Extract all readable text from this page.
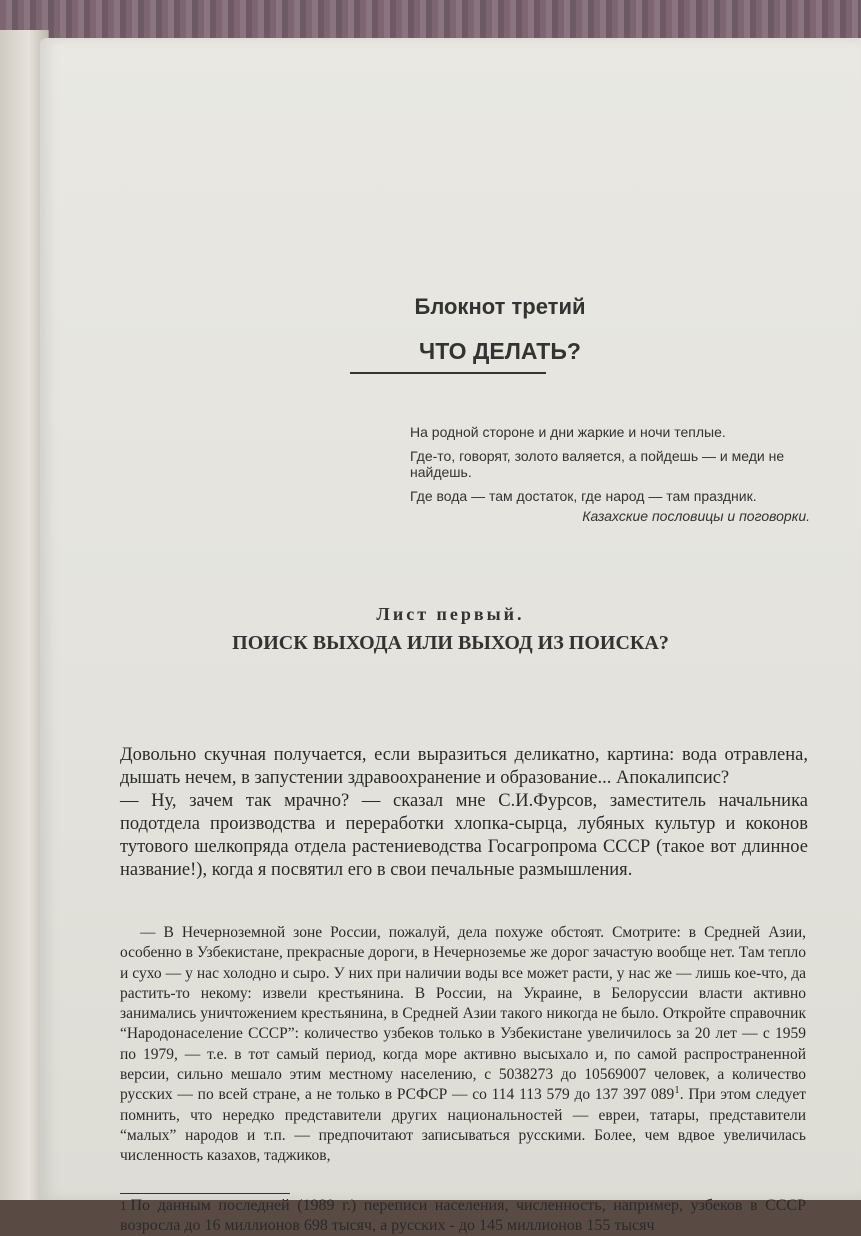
Блокнот третий
ЧТО ДЕЛАТЬ?

На родной стороне и дни жаркие и ночи теплые.

Где-то, говорят, золото валяется, а пойдешь — и меди не найдешь.

Где вода — там достаток, где народ — там праздник.

Казахские пословицы и поговорки.

Лист первый.
ПОИСК ВЫХОДА ИЛИ ВЫХОД ИЗ ПОИСКА?

Довольно скучная получается, если выразиться деликатно, картина: вода отравлена, дышать нечем, в запустении здравоохранение и образование... Апокалипсис?

— Ну, зачем так мрачно? — сказал мне С.И.Фурсов, заместитель начальника подотдела производства и переработки хлопка-сырца, лубяных культур и коконов тутового шелкопряда отдела растениеводства Госагропрома СССР (такое вот длинное название!), когда я посвятил его в свои печальные размышления.

— В Нечерноземной зоне России, пожалуй, дела похуже обстоят. Смотрите: в Средней Азии, особенно в Узбекистане, прекрасные дороги, в Нечерноземье же дорог зачастую вообще нет. Там тепло и сухо — у нас холодно и сыро. У них при наличии воды все может расти, у нас же — лишь кое-что, да растить-то некому: извели крестьянина. В России, на Украине, в Белоруссии власти активно занимались уничтожением крестьянина, в Средней Азии такого никогда не было. Откройте справочник “Народонаселение СССР”: количество узбеков только в Узбекистане увеличилось за 20 лет — с 1959 по 1979, — т.е. в тот самый период, когда море активно высыхало и, по самой распространенной версии, сильно мешало этим местному населению, с 5038273 до 10569007 человек, а количество русских — по всей стране, а не только в РСФСР — со 114 113 579 до 137 397 $089^1$. При этом следует помнить, что нередко представители других национальностей — евреи, татары, представители “малых” народов и т.п. — предпочитают записываться русскими. Более, чем вдвое увеличилась численность казахов, таджиков,

$^1$ По данным последней (1989 г.) переписи населения, численность, например, узбеков в СССР возросла до 16 миллионов 698 тысяч, а русских - до 145 миллионов 155 тысяч
